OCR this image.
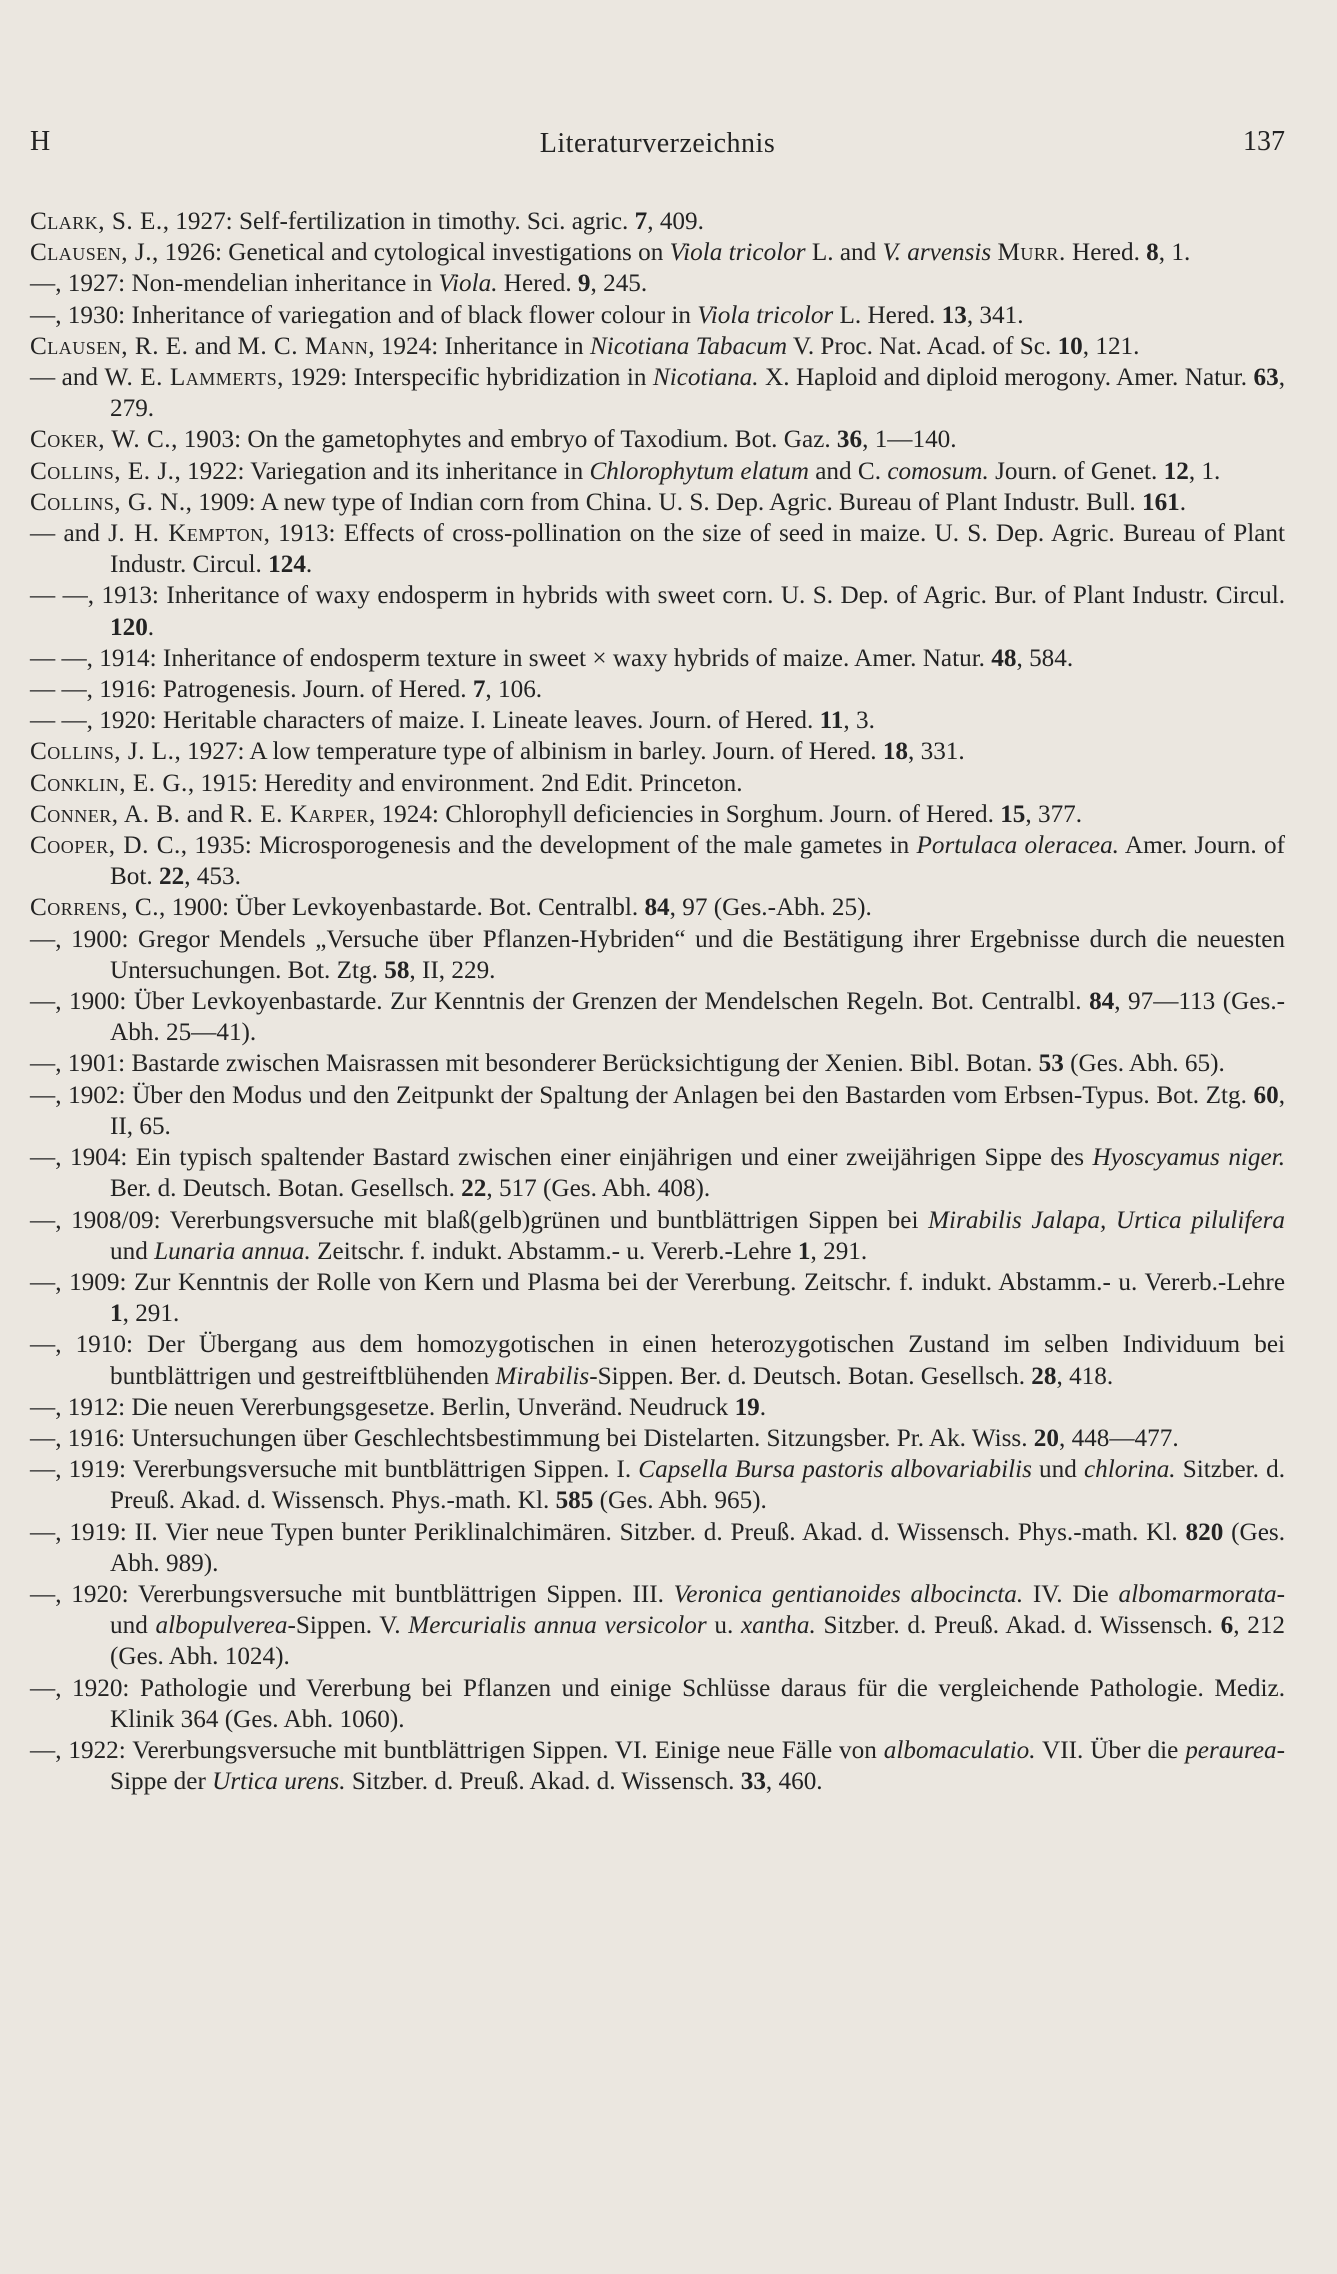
H	Literaturverzeichnis	137

Clark, S. E., 1927: Self-fertilization in timothy. Sci. agric. 7, 409.

Clausen, J., 1926: Genetical and cytological investigations on Viola tricolor L. and V. arvensis Murr. Hered. 8, 1.

—, 1927: Non-mendelian inheritance in Viola. Hered. 9, 245.

—, 1930: Inheritance of variegation and of black flower colour in Viola tricolor L. Hered. 13, 341.

Clausen, R. E. and M. C. Mann, 1924: Inheritance in Nicotiana Tabacum V. Proc. Nat. Acad. of Sc. 10, 121.

— and W. E. Lammerts, 1929: Interspecific hybridization in Nicotiana. X. Haploid and diploid merogony. Amer. Natur. 63, 279.

Coker, W. C., 1903: On the gametophytes and embryo of Taxodium. Bot. Gaz. 36, 1—140.

Collins, E. J., 1922: Variegation and its inheritance in Chlorophytum elatum and C. comosum. Journ. of Genet. 12, 1.

Collins, G. N., 1909: A new type of Indian corn from China. U. S. Dep. Agric. Bureau of Plant Industr. Bull. 161.

— and J. H. Kempton, 1913: Effects of cross-pollination on the size of seed in maize. U. S. Dep. Agric. Bureau of Plant Industr. Circul. 124.

— —, 1913: Inheritance of waxy endosperm in hybrids with sweet corn. U. S. Dep. of Agric. Bur. of Plant Industr. Circul. 120.

— —, 1914: Inheritance of endosperm texture in sweet × waxy hybrids of maize. Amer. Natur. 48, 584.

— —, 1916: Patrogenesis. Journ. of Hered. 7, 106.

— —, 1920: Heritable characters of maize. I. Lineate leaves. Journ. of Hered. 11, 3.

Collins, J. L., 1927: A low temperature type of albinism in barley. Journ. of Hered. 18, 331.

Conklin, E. G., 1915: Heredity and environment. 2nd Edit. Princeton.

Conner, A. B. and R. E. Karper, 1924: Chlorophyll deficiencies in Sorghum. Journ. of Hered. 15, 377.

Cooper, D. C., 1935: Microsporogenesis and the development of the male gametes in Portulaca oleracea. Amer. Journ. of Bot. 22, 453.

Correns, C., 1900: Über Levkoyenbastarde. Bot. Centralbl. 84, 97 (Ges.-Abh. 25).

—, 1900: Gregor Mendels „Versuche über Pflanzen-Hybriden“ und die Bestätigung ihrer Ergebnisse durch die neuesten Untersuchungen. Bot. Ztg. 58, II, 229.

—, 1900: Über Levkoyenbastarde. Zur Kenntnis der Grenzen der Mendelschen Regeln. Bot. Centralbl. 84, 97—113 (Ges.-Abh. 25—41).

—, 1901: Bastarde zwischen Maisrassen mit besonderer Berücksichtigung der Xenien. Bibl. Botan. 53 (Ges. Abh. 65).

—, 1902: Über den Modus und den Zeitpunkt der Spaltung der Anlagen bei den Bastarden vom Erbsen-Typus. Bot. Ztg. 60, II, 65.

—, 1904: Ein typisch spaltender Bastard zwischen einer einjährigen und einer zweijährigen Sippe des Hyoscyamus niger. Ber. d. Deutsch. Botan. Gesellsch. 22, 517 (Ges. Abh. 408).

—, 1908/09: Vererbungsversuche mit blaß(gelb)grünen und buntblättrigen Sippen bei Mirabilis Jalapa, Urtica pilulifera und Lunaria annua. Zeitschr. f. indukt. Abstamm.- u. Vererb.-Lehre 1, 291.

—, 1909: Zur Kenntnis der Rolle von Kern und Plasma bei der Vererbung. Zeitschr. f. indukt. Abstamm.- u. Vererb.-Lehre 1, 291.

—, 1910: Der Übergang aus dem homozygotischen in einen heterozygotischen Zustand im selben Individuum bei buntblättrigen und gestreiftblühenden Mirabilis-Sippen. Ber. d. Deutsch. Botan. Gesellsch. 28, 418.

—, 1912: Die neuen Vererbungsgesetze. Berlin, Unveränd. Neudruck 19.

—, 1916: Untersuchungen über Geschlechtsbestimmung bei Distelarten. Sitzungsber. Pr. Ak. Wiss. 20, 448—477.

—, 1919: Vererbungsversuche mit buntblättrigen Sippen. I. Capsella Bursa pastoris albovariabilis und chlorina. Sitzber. d. Preuß. Akad. d. Wissensch. Phys.-math. Kl. 585 (Ges. Abh. 965).

—, 1919: II. Vier neue Typen bunter Periklinalchimären. Sitzber. d. Preuß. Akad. d. Wissensch. Phys.-math. Kl. 820 (Ges. Abh. 989).

—, 1920: Vererbungsversuche mit buntblättrigen Sippen. III. Veronica gentianoides albocincta. IV. Die albomarmorata- und albopulverea-Sippen. V. Mercurialis annua versicolor u. xantha. Sitzber. d. Preuß. Akad. d. Wissensch. 6, 212 (Ges. Abh. 1024).

—, 1920: Pathologie und Vererbung bei Pflanzen und einige Schlüsse daraus für die vergleichende Pathologie. Mediz. Klinik 364 (Ges. Abh. 1060).

—, 1922: Vererbungsversuche mit buntblättrigen Sippen. VI. Einige neue Fälle von albomaculatio. VII. Über die peraurea-Sippe der Urtica urens. Sitzber. d. Preuß. Akad. d. Wissensch. 33, 460.
